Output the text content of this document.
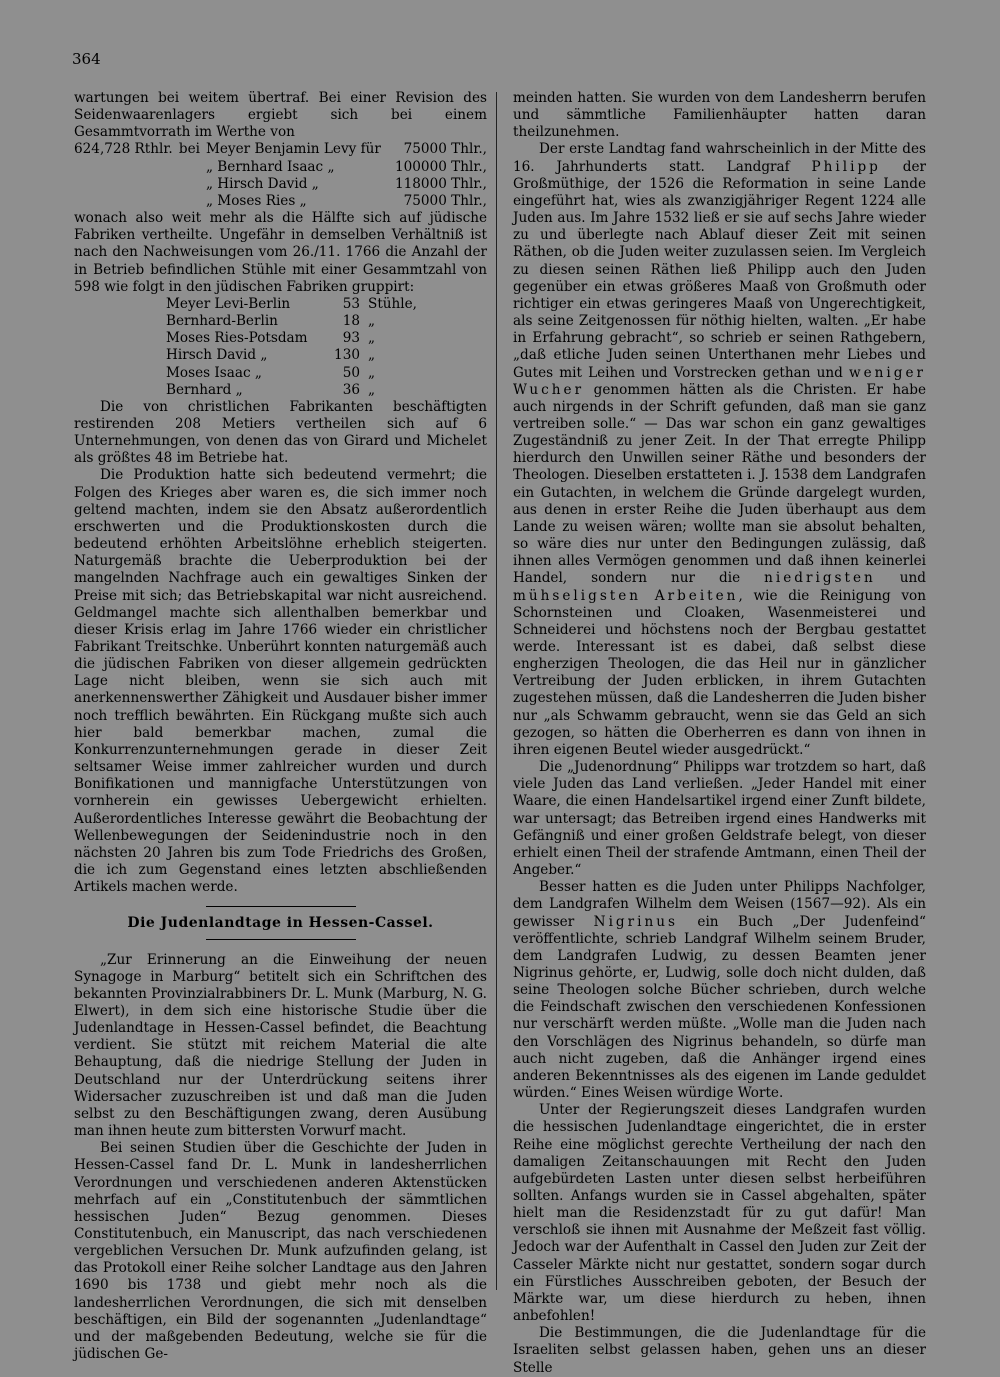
364

wartungen bei weitem übertraf. Bei einer Revision des Seidenwaarenlagers ergiebt sich bei einem Gesammtvorrath im Werthe von

624,728 Rthlr.	bei	Meyer Benjamin Levy für	75000 Thlr.,
		„ Bernhard Isaac „	100000 Thlr.,
		„ Hirsch David „	118000 Thlr.,
		„ Moses Ries „	75000 Thlr.,

wonach also weit mehr als die Hälfte sich auf jüdische Fabriken vertheilte. Ungefähr in demselben Verhältniß ist nach den Nachweisungen vom 26./11. 1766 die Anzahl der in Betrieb befindlichen Stühle mit einer Gesammtzahl von 598 wie folgt in den jüdischen Fabriken gruppirt:

Meyer Levi-Berlin	53	Stühle,
Bernhard-Berlin	18	„
Moses Ries-Potsdam	93	„
Hirsch David „	130	„
Moses Isaac „	50	„
Bernhard „	36	„

Die von christlichen Fabrikanten beschäftigten restirenden 208 Metiers vertheilen sich auf 6 Unternehmungen, von denen das von Girard und Michelet als größtes 48 im Betriebe hat.

Die Produktion hatte sich bedeutend vermehrt; die Folgen des Krieges aber waren es, die sich immer noch geltend machten, indem sie den Absatz außerordentlich erschwerten und die Produktionskosten durch die bedeutend erhöhten Arbeitslöhne erheblich steigerten. Naturgemäß brachte die Ueberproduktion bei der mangelnden Nachfrage auch ein gewaltiges Sinken der Preise mit sich; das Betriebskapital war nicht ausreichend. Geldmangel machte sich allenthalben bemerkbar und dieser Krisis erlag im Jahre 1766 wieder ein christlicher Fabrikant Treitschke. Unberührt konnten naturgemäß auch die jüdischen Fabriken von dieser allgemein gedrückten Lage nicht bleiben, wenn sie sich auch mit anerkennenswerther Zähigkeit und Ausdauer bisher immer noch trefflich bewährten. Ein Rückgang mußte sich auch hier bald bemerkbar machen, zumal die Konkurrenzunternehmungen gerade in dieser Zeit seltsamer Weise immer zahlreicher wurden und durch Bonifikationen und mannigfache Unterstützungen von vornherein ein gewisses Uebergewicht erhielten. Außerordentliches Interesse gewährt die Beobachtung der Wellenbewegungen der Seidenindustrie noch in den nächsten 20 Jahren bis zum Tode Friedrichs des Großen, die ich zum Gegenstand eines letzten abschließenden Artikels machen werde.

Die Judenlandtage in Hessen-Cassel.

„Zur Erinnerung an die Einweihung der neuen Synagoge in Marburg“ betitelt sich ein Schriftchen des bekannten Provinzialrabbiners Dr. L. Munk (Marburg, N. G. Elwert), in dem sich eine historische Studie über die Judenlandtage in Hessen-Cassel befindet, die Beachtung verdient. Sie stützt mit reichem Material die alte Behauptung, daß die niedrige Stellung der Juden in Deutschland nur der Unterdrückung seitens ihrer Widersacher zuzuschreiben ist und daß man die Juden selbst zu den Beschäftigungen zwang, deren Ausübung man ihnen heute zum bittersten Vorwurf macht.

Bei seinen Studien über die Geschichte der Juden in Hessen-Cassel fand Dr. L. Munk in landesherrlichen Verordnungen und verschiedenen anderen Aktenstücken mehrfach auf ein „Constitutenbuch der sämmtlichen hessischen Juden“ Bezug genommen. Dieses Constitutenbuch, ein Manuscript, das nach verschiedenen vergeblichen Versuchen Dr. Munk aufzufinden gelang, ist das Protokoll einer Reihe solcher Landtage aus den Jahren 1690 bis 1738 und giebt mehr noch als die landesherrlichen Verordnungen, die sich mit denselben beschäftigen, ein Bild der sogenannten „Judenlandtage“ und der maßgebenden Bedeutung, welche sie für die jüdischen Ge-

meinden hatten. Sie wurden von dem Landesherrn berufen und sämmtliche Familienhäupter hatten daran theilzunehmen.

Der erste Landtag fand wahrscheinlich in der Mitte des 16. Jahrhunderts statt. Landgraf Philipp der Großmüthige, der 1526 die Reformation in seine Lande eingeführt hat, wies als zwanzigjähriger Regent 1224 alle Juden aus. Im Jahre 1532 ließ er sie auf sechs Jahre wieder zu und überlegte nach Ablauf dieser Zeit mit seinen Räthen, ob die Juden weiter zuzulassen seien. Im Vergleich zu diesen seinen Räthen ließ Philipp auch den Juden gegenüber ein etwas größeres Maaß von Großmuth oder richtiger ein etwas geringeres Maaß von Ungerechtigkeit, als seine Zeitgenossen für nöthig hielten, walten. „Er habe in Erfahrung gebracht“, so schrieb er seinen Rathgebern, „daß etliche Juden seinen Unterthanen mehr Liebes und Gutes mit Leihen und Vorstrecken gethan und weniger Wucher genommen hätten als die Christen. Er habe auch nirgends in der Schrift gefunden, daß man sie ganz vertreiben solle.“ — Das war schon ein ganz gewaltiges Zugeständniß zu jener Zeit. In der That erregte Philipp hierdurch den Unwillen seiner Räthe und besonders der Theologen. Dieselben erstatteten i. J. 1538 dem Landgrafen ein Gutachten, in welchem die Gründe dargelegt wurden, aus denen in erster Reihe die Juden überhaupt aus dem Lande zu weisen wären; wollte man sie absolut behalten, so wäre dies nur unter den Bedingungen zulässig, daß ihnen alles Vermögen genommen und daß ihnen keinerlei Handel, sondern nur die niedrigsten und mühseligsten Arbeiten, wie die Reinigung von Schornsteinen und Cloaken, Wasenmeisterei und Schneiderei und höchstens noch der Bergbau gestattet werde. Interessant ist es dabei, daß selbst diese engherzigen Theologen, die das Heil nur in gänzlicher Vertreibung der Juden erblicken, in ihrem Gutachten zugestehen müssen, daß die Landesherren die Juden bisher nur „als Schwamm gebraucht, wenn sie das Geld an sich gezogen, so hätten die Oberherren es dann von ihnen in ihren eigenen Beutel wieder ausgedrückt.“

Die „Judenordnung“ Philipps war trotzdem so hart, daß viele Juden das Land verließen. „Jeder Handel mit einer Waare, die einen Handelsartikel irgend einer Zunft bildete, war untersagt; das Betreiben irgend eines Handwerks mit Gefängniß und einer großen Geldstrafe belegt, von dieser erhielt einen Theil der strafende Amtmann, einen Theil der Angeber.“

Besser hatten es die Juden unter Philipps Nachfolger, dem Landgrafen Wilhelm dem Weisen (1567—92). Als ein gewisser Nigrinus ein Buch „Der Judenfeind“ veröffentlichte, schrieb Landgraf Wilhelm seinem Bruder, dem Landgrafen Ludwig, zu dessen Beamten jener Nigrinus gehörte, er, Ludwig, solle doch nicht dulden, daß seine Theologen solche Bücher schrieben, durch welche die Feindschaft zwischen den verschiedenen Konfessionen nur verschärft werden müßte. „Wolle man die Juden nach den Vorschlägen des Nigrinus behandeln, so dürfe man auch nicht zugeben, daß die Anhänger irgend eines anderen Bekenntnisses als des eigenen im Lande geduldet würden.“ Eines Weisen würdige Worte.

Unter der Regierungszeit dieses Landgrafen wurden die hessischen Judenlandtage eingerichtet, die in erster Reihe eine möglichst gerechte Vertheilung der nach den damaligen Zeitanschauungen mit Recht den Juden aufgebürdeten Lasten unter diesen selbst herbeiführen sollten. Anfangs wurden sie in Cassel abgehalten, später hielt man die Residenzstadt für zu gut dafür! Man verschloß sie ihnen mit Ausnahme der Meßzeit fast völlig. Jedoch war der Aufenthalt in Cassel den Juden zur Zeit der Casseler Märkte nicht nur gestattet, sondern sogar durch ein Fürstliches Ausschreiben geboten, der Besuch der Märkte war, um diese hierdurch zu heben, ihnen anbefohlen!

Die Bestimmungen, die die Judenlandtage für die Israeliten selbst gelassen haben, gehen uns an dieser Stelle
